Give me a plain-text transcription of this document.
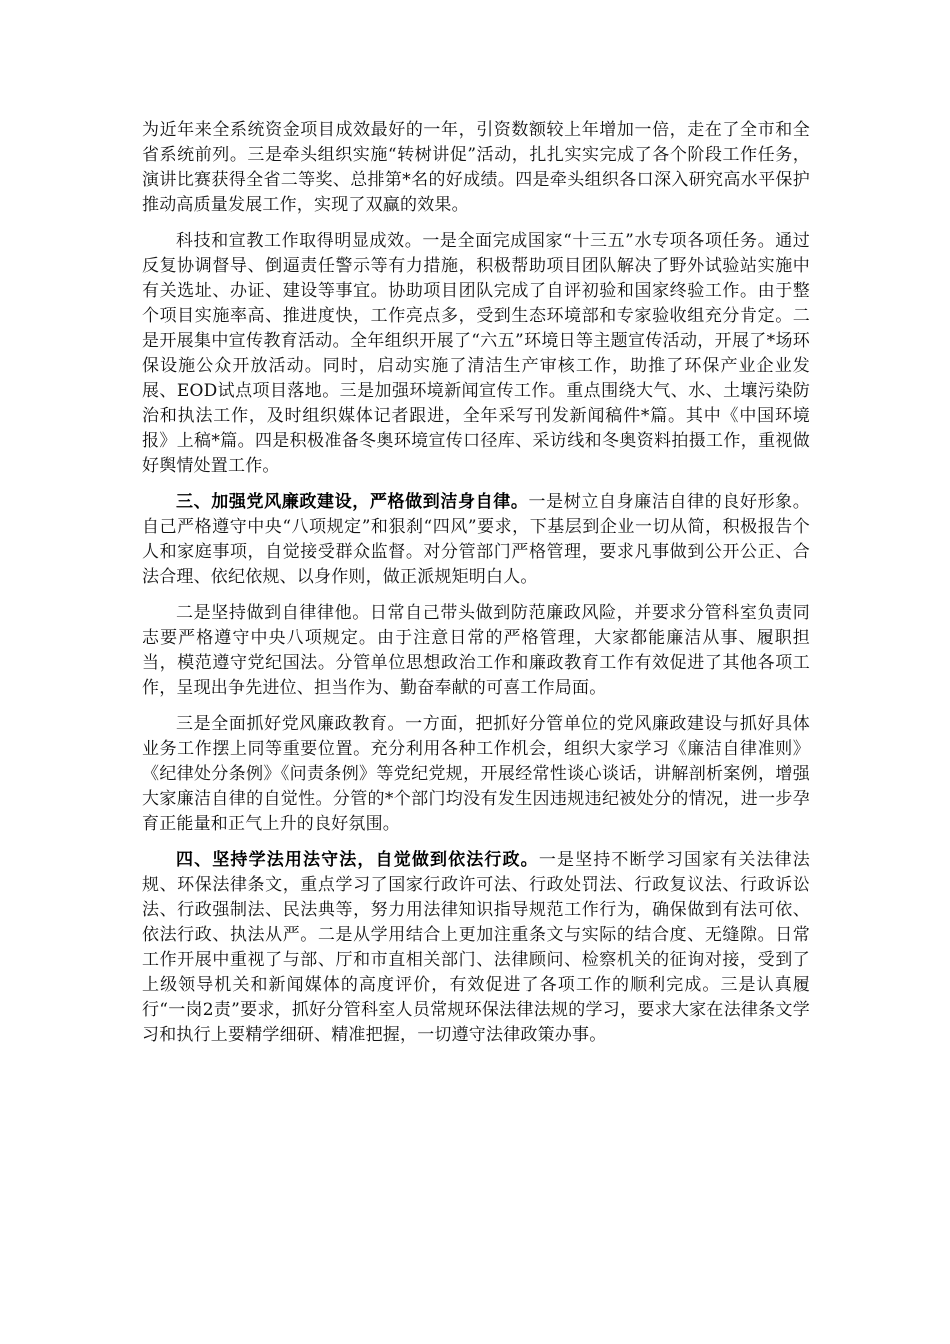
为近年来全系统资金项目成效最好的一年，引资数额较上年增加一倍，走在了全市和全省系统前列。三是牵头组织实施“转树讲促”活动，扎扎实实完成了各个阶段工作任务，演讲比赛获得全省二等奖、总排第*名的好成绩。四是牵头组织各口深入研究高水平保护推动高质量发展工作，实现了双赢的效果。

科技和宣教工作取得明显成效。一是全面完成国家“十三五”水专项各项任务。通过反复协调督导、倒逼责任警示等有力措施，积极帮助项目团队解决了野外试验站实施中有关选址、办证、建设等事宜。协助项目团队完成了自评初验和国家终验工作。由于整个项目实施率高、推进度快，工作亮点多，受到生态环境部和专家验收组充分肯定。二是开展集中宣传教育活动。全年组织开展了“六五”环境日等主题宣传活动，开展了*场环保设施公众开放活动。同时，启动实施了清洁生产审核工作，助推了环保产业企业发展、EOD试点项目落地。三是加强环境新闻宣传工作。重点围绕大气、水、土壤污染防治和执法工作，及时组织媒体记者跟进，全年采写刊发新闻稿件*篇。其中《中国环境报》上稿*篇。四是积极准备冬奥环境宣传口径库、采访线和冬奥资料拍摄工作，重视做好舆情处置工作。

三、加强党风廉政建设，严格做到洁身自律。一是树立自身廉洁自律的良好形象。自己严格遵守中央“八项规定”和狠刹“四风”要求，下基层到企业一切从简，积极报告个人和家庭事项，自觉接受群众监督。对分管部门严格管理，要求凡事做到公开公正、合法合理、依纪依规、以身作则，做正派规矩明白人。

二是坚持做到自律律他。日常自己带头做到防范廉政风险，并要求分管科室负责同志要严格遵守中央八项规定。由于注意日常的严格管理，大家都能廉洁从事、履职担当，模范遵守党纪国法。分管单位思想政治工作和廉政教育工作有效促进了其他各项工作，呈现出争先进位、担当作为、勤奋奉献的可喜工作局面。

三是全面抓好党风廉政教育。一方面，把抓好分管单位的党风廉政建设与抓好具体业务工作摆上同等重要位置。充分利用各种工作机会，组织大家学习《廉洁自律准则》《纪律处分条例》《问责条例》等党纪党规，开展经常性谈心谈话，讲解剖析案例，增强大家廉洁自律的自觉性。分管的*个部门均没有发生因违规违纪被处分的情况，进一步孕育正能量和正气上升的良好氛围。

四、坚持学法用法守法，自觉做到依法行政。一是坚持不断学习国家有关法律法规、环保法律条文，重点学习了国家行政许可法、行政处罚法、行政复议法、行政诉讼法、行政强制法、民法典等，努力用法律知识指导规范工作行为，确保做到有法可依、依法行政、执法从严。二是从学用结合上更加注重条文与实际的结合度、无缝隙。日常工作开展中重视了与部、厅和市直相关部门、法律顾问、检察机关的征询对接，受到了上级领导机关和新闻媒体的高度评价，有效促进了各项工作的顺利完成。三是认真履行“一岗2责”要求，抓好分管科室人员常规环保法律法规的学习，要求大家在法律条文学习和执行上要精学细研、精准把握，一切遵守法律政策办事。
